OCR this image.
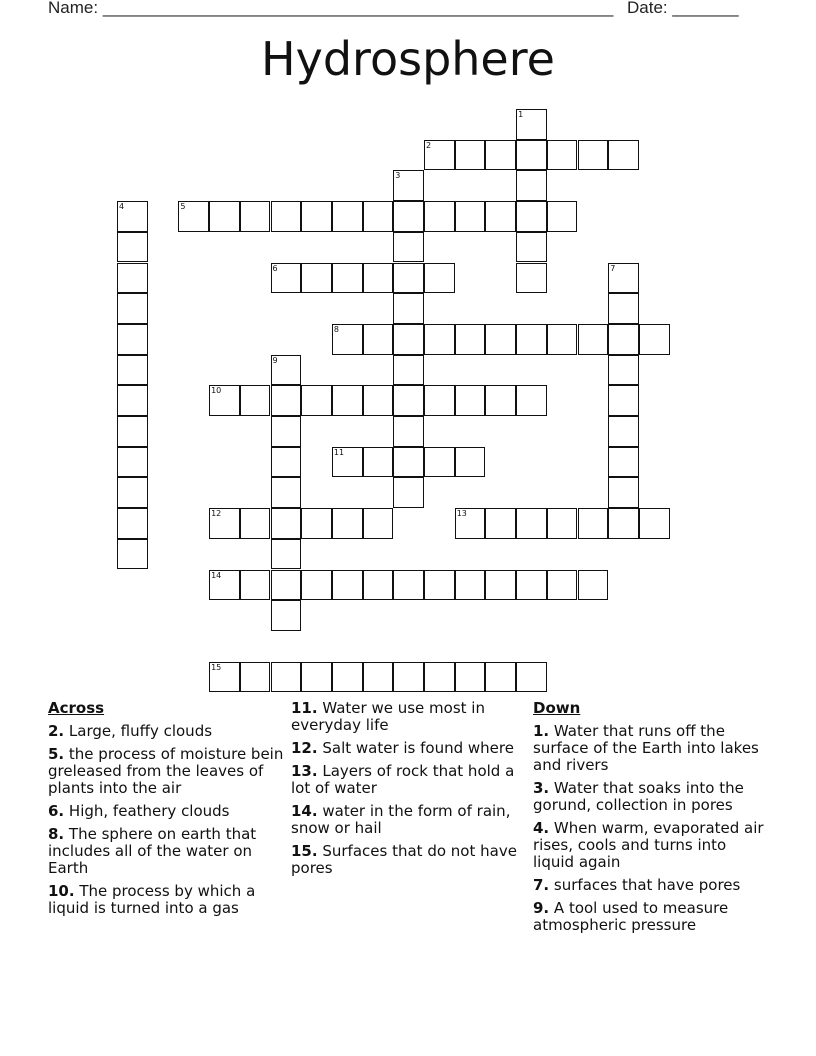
Name: ______________________________________________________ Date: _______
Hydrosphere
1
2
3
4	5
6	7
8
9
10
11
12	13
14
15
Across
2. Large, fluffy clouds
5. the process of moisture bein greleased from the leaves of plants into the air
6. High, feathery clouds
8. The sphere on earth that includes all of the water on Earth
10. The process by which a liquid is turned into a gas
11. Water we use most in everyday life
12. Salt water is found where
13. Layers of rock that hold a lot of water
14. water in the form of rain, snow or hail
15. Surfaces that do not have pores
Down
1. Water that runs off the surface of the Earth into lakes and rivers
3. Water that soaks into the gorund, collection in pores
4. When warm, evaporated air rises, cools and turns into liquid again
7. surfaces that have pores
9. A tool used to measure atmospheric pressure
